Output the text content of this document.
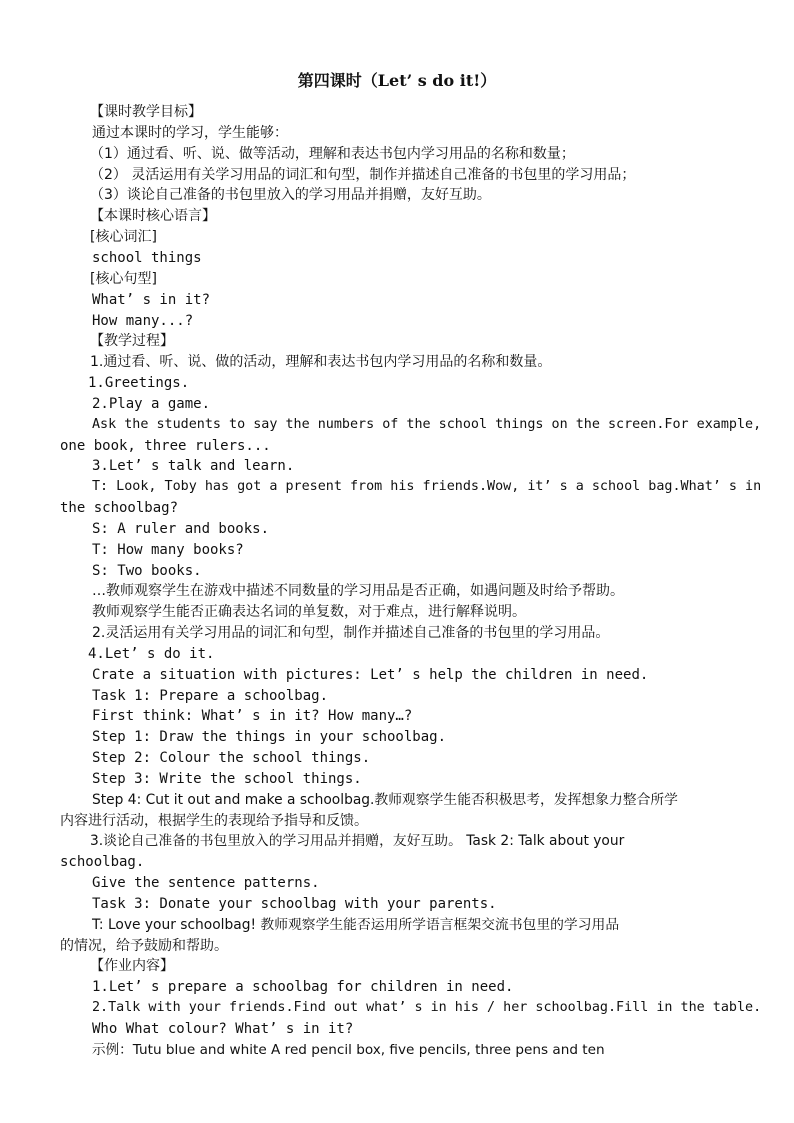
第四课时（Let’ s do it!）
【课时教学目标】
通过本课时的学习，学生能够：
（1）通过看、听、说、做等活动，理解和表达书包内学习用品的名称和数量；
（2） 灵活运用有关学习用品的词汇和句型，制作并描述自己准备的书包里的学习用品；
（3）谈论自己准备的书包里放入的学习用品并捐赠，友好互助。
【本课时核心语言】
[核心词汇]
school things
[核心句型]
What’ s in it?
How many...?
【教学过程】
1.通过看、听、说、做的活动，理解和表达书包内学习用品的名称和数量。
1.Greetings.
2.Play a game.
Ask the students to say the numbers of the school things on the screen.For example,
one book, three rulers...
3.Let’ s talk and learn.
T: Look, Toby has got a present from his friends.Wow, it’ s a school bag.What’ s in
the schoolbag?
S: A ruler and books.
T: How many books?
S: Two books.
…教师观察学生在游戏中描述不同数量的学习用品是否正确，如遇问题及时给予帮助。
教师观察学生能否正确表达名词的单复数，对于难点，进行解释说明。
2.灵活运用有关学习用品的词汇和句型，制作并描述自己准备的书包里的学习用品。
4.Let’ s do it.
Crate a situation with pictures: Let’ s help the children in need.
Task 1: Prepare a schoolbag.
First think: What’ s in it? How many…?
Step 1: Draw the things in your schoolbag.
Step 2: Colour the school things.
Step 3: Write the school things.
Step 4: Cut it out and make a schoolbag.教师观察学生能否积极思考，发挥想象力整合所学
内容进行活动，根据学生的表现给予指导和反馈。
3.谈论自己准备的书包里放入的学习用品并捐赠，友好互助。 Task 2: Talk about your
schoolbag.
Give the sentence patterns.
Task 3: Donate your schoolbag with your parents.
T: Love your schoolbag! 教师观察学生能否运用所学语言框架交流书包里的学习用品
的情况，给予鼓励和帮助。
【作业内容】
1.Let’ s prepare a schoolbag for children in need.
2.Talk with your friends.Find out what’ s in his / her schoolbag.Fill in the table.
Who What colour? What’ s in it?
示例：Tutu blue and white A red pencil box, five pencils, three pens and ten
